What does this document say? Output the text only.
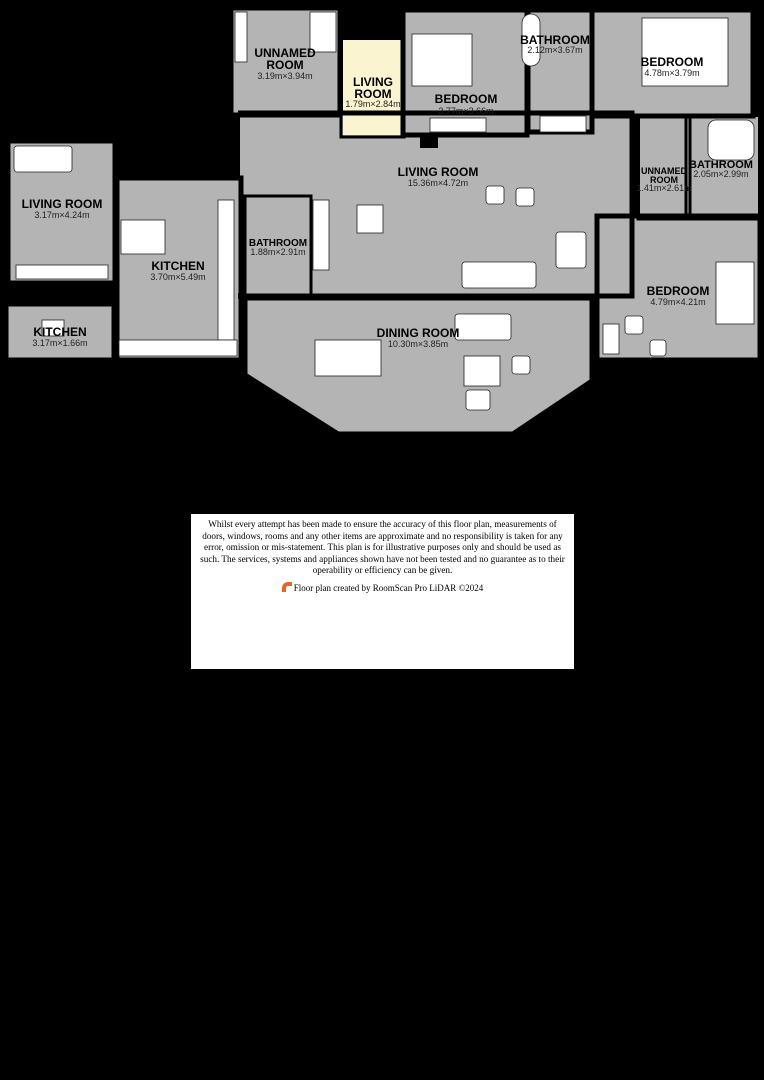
UNNAMED
ROOM
3.19m×3.94m	LIVING
ROOM
1.79m×2.84m	BEDROOM
3.77m×3.66m
BATHROOM
2.12m×3.67m
BEDROOM
4.78m×3.79m
LIVING ROOM
3.17m×4.24m
KITCHEN
3.70m×5.49m
BATHROOM
1.88m×2.91m
LIVING ROOM
15.36m×4.72m
UNNAMED
ROOM
1.41m×2.61m
BATHROOM
2.05m×2.99m
BEDROOM
4.79m×4.21m
KITCHEN
3.17m×1.66m
DINING ROOM
10.30m×3.85m

Whilst every attempt has been made to ensure the accuracy of this floor plan, measurements of doors, windows, rooms and any other items are approximate and no responsibility is taken for any error, omission or mis-statement. This plan is for illustrative purposes only and should be used as such. The services, systems and appliances shown have not been tested and no guarantee as to their operability or efficiency can be given.

Floor plan created by RoomScan Pro LiDAR ©2024
